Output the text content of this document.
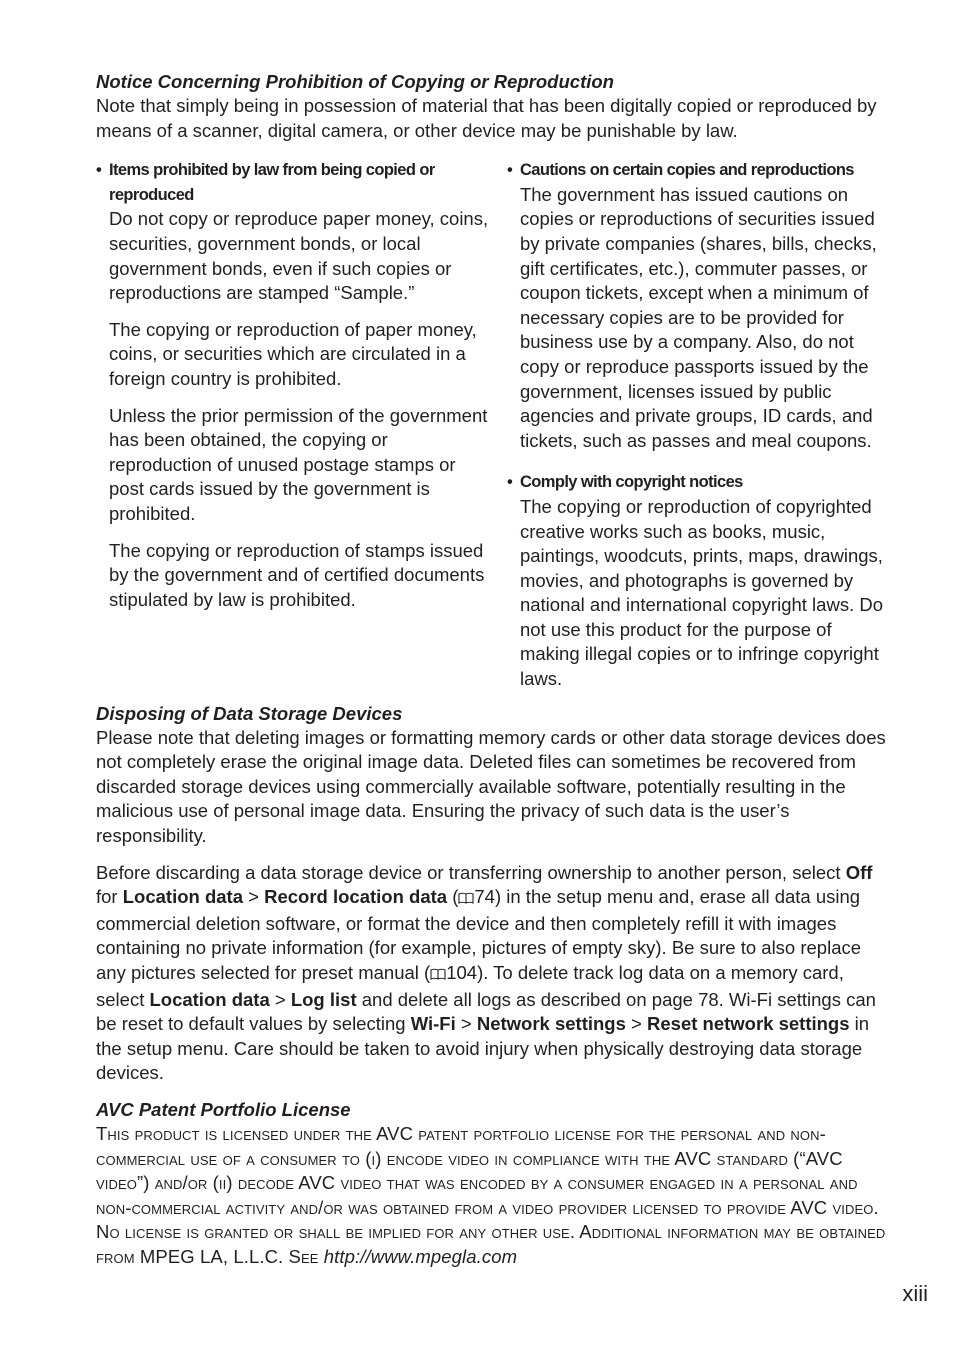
Notice Concerning Prohibition of Copying or Reproduction

Note that simply being in possession of material that has been digitally copied or reproduced by means of a scanner, digital camera, or other device may be punishable by law.

• Items prohibited by law from being copied or reproduced

Do not copy or reproduce paper money, coins, securities, government bonds, or local government bonds, even if such copies or reproductions are stamped “Sample.”

The copying or reproduction of paper money, coins, or securities which are circulated in a foreign country is prohibited.

Unless the prior permission of the government has been obtained, the copying or reproduction of unused postage stamps or post cards issued by the government is prohibited.

The copying or reproduction of stamps issued by the government and of certified documents stipulated by law is prohibited.

• Cautions on certain copies and reproductions

The government has issued cautions on copies or reproductions of securities issued by private companies (shares, bills, checks, gift certificates, etc.), commuter passes, or coupon tickets, except when a minimum of necessary copies are to be provided for business use by a company. Also, do not copy or reproduce passports issued by the government, licenses issued by public agencies and private groups, ID cards, and tickets, such as passes and meal coupons.

• Comply with copyright notices

The copying or reproduction of copyrighted creative works such as books, music, paintings, woodcuts, prints, maps, drawings, movies, and photographs is governed by national and international copyright laws. Do not use this product for the purpose of making illegal copies or to infringe copyright laws.

Disposing of Data Storage Devices

Please note that deleting images or formatting memory cards or other data storage devices does not completely erase the original image data. Deleted files can sometimes be recovered from discarded storage devices using commercially available software, potentially resulting in the malicious use of personal image data. Ensuring the privacy of such data is the user’s responsibility.

Before discarding a data storage device or transferring ownership to another person, select Off for Location data > Record location data ( 74) in the setup menu and, erase all data using commercial deletion software, or format the device and then completely refill it with images containing no private information (for example, pictures of empty sky). Be sure to also replace any pictures selected for preset manual ( 104). To delete track log data on a memory card, select Location data > Log list and delete all logs as described on page 78. Wi-Fi settings can be reset to default values by selecting Wi-Fi > Network settings > Reset network settings in the setup menu. Care should be taken to avoid injury when physically destroying data storage devices.

AVC Patent Portfolio License

This product is licensed under the AVC patent portfolio license for the personal and non-commercial use of a consumer to (i) encode video in compliance with the AVC standard (“AVC video”) and/or (ii) decode AVC video that was encoded by a consumer engaged in a personal and non-commercial activity and/or was obtained from a video provider licensed to provide AVC video. No license is granted or shall be implied for any other use. Additional information may be obtained from MPEG LA, L.L.C. See http://www.mpegla.com

xiii
